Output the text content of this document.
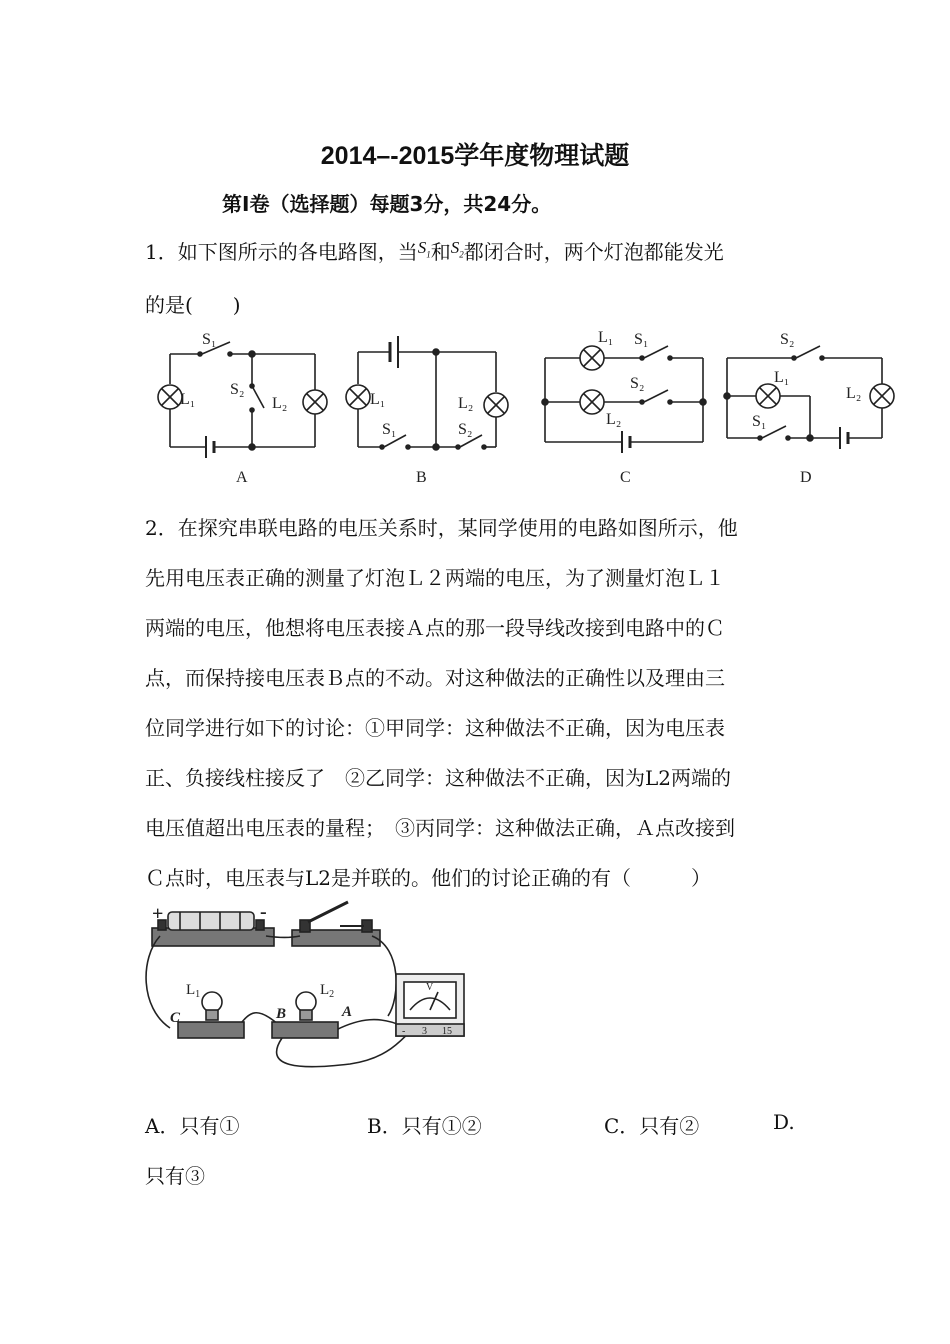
2014–-2015学年度物理试题
第Ⅰ卷（选择题）每题3分，共24分。
1．如下图所示的各电路图，当$^{S_1}$和$^{S_2}$都闭合时，两个灯泡都能发光
的是(　　)
S₁
L₁
S₂
L₂
A
L₁
S₁	S₂
L₂
B
L₁ S₁
S₂
L₂
C
S₂
L₁
S₁
L₂
D
2．在探究串联电路的电压关系时，某同学使用的电路如图所示，他
先用电压表正确的测量了灯泡Ｌ２两端的电压，为了测量灯泡Ｌ１
两端的电压，他想将电压表接Ａ点的那一段导线改接到电路中的Ｃ
点，而保持接电压表Ｂ点的不动。对这种做法的正确性以及理由三
位同学进行如下的讨论：①甲同学：这种做法不正确，因为电压表
正、负接线柱接反了　②乙同学：这种做法不正确，因为L2两端的
电压值超出电压表的量程；　③丙同学：这种做法正确，Ａ点改接到
Ｃ点时，电压表与L2是并联的。他们的讨论正确的有（　　　）
+	-
$L_1$	$L_2$
C	B	A
V
- 3 15
A．只有①	B．只有①②	C．只有②	D.
只有③
